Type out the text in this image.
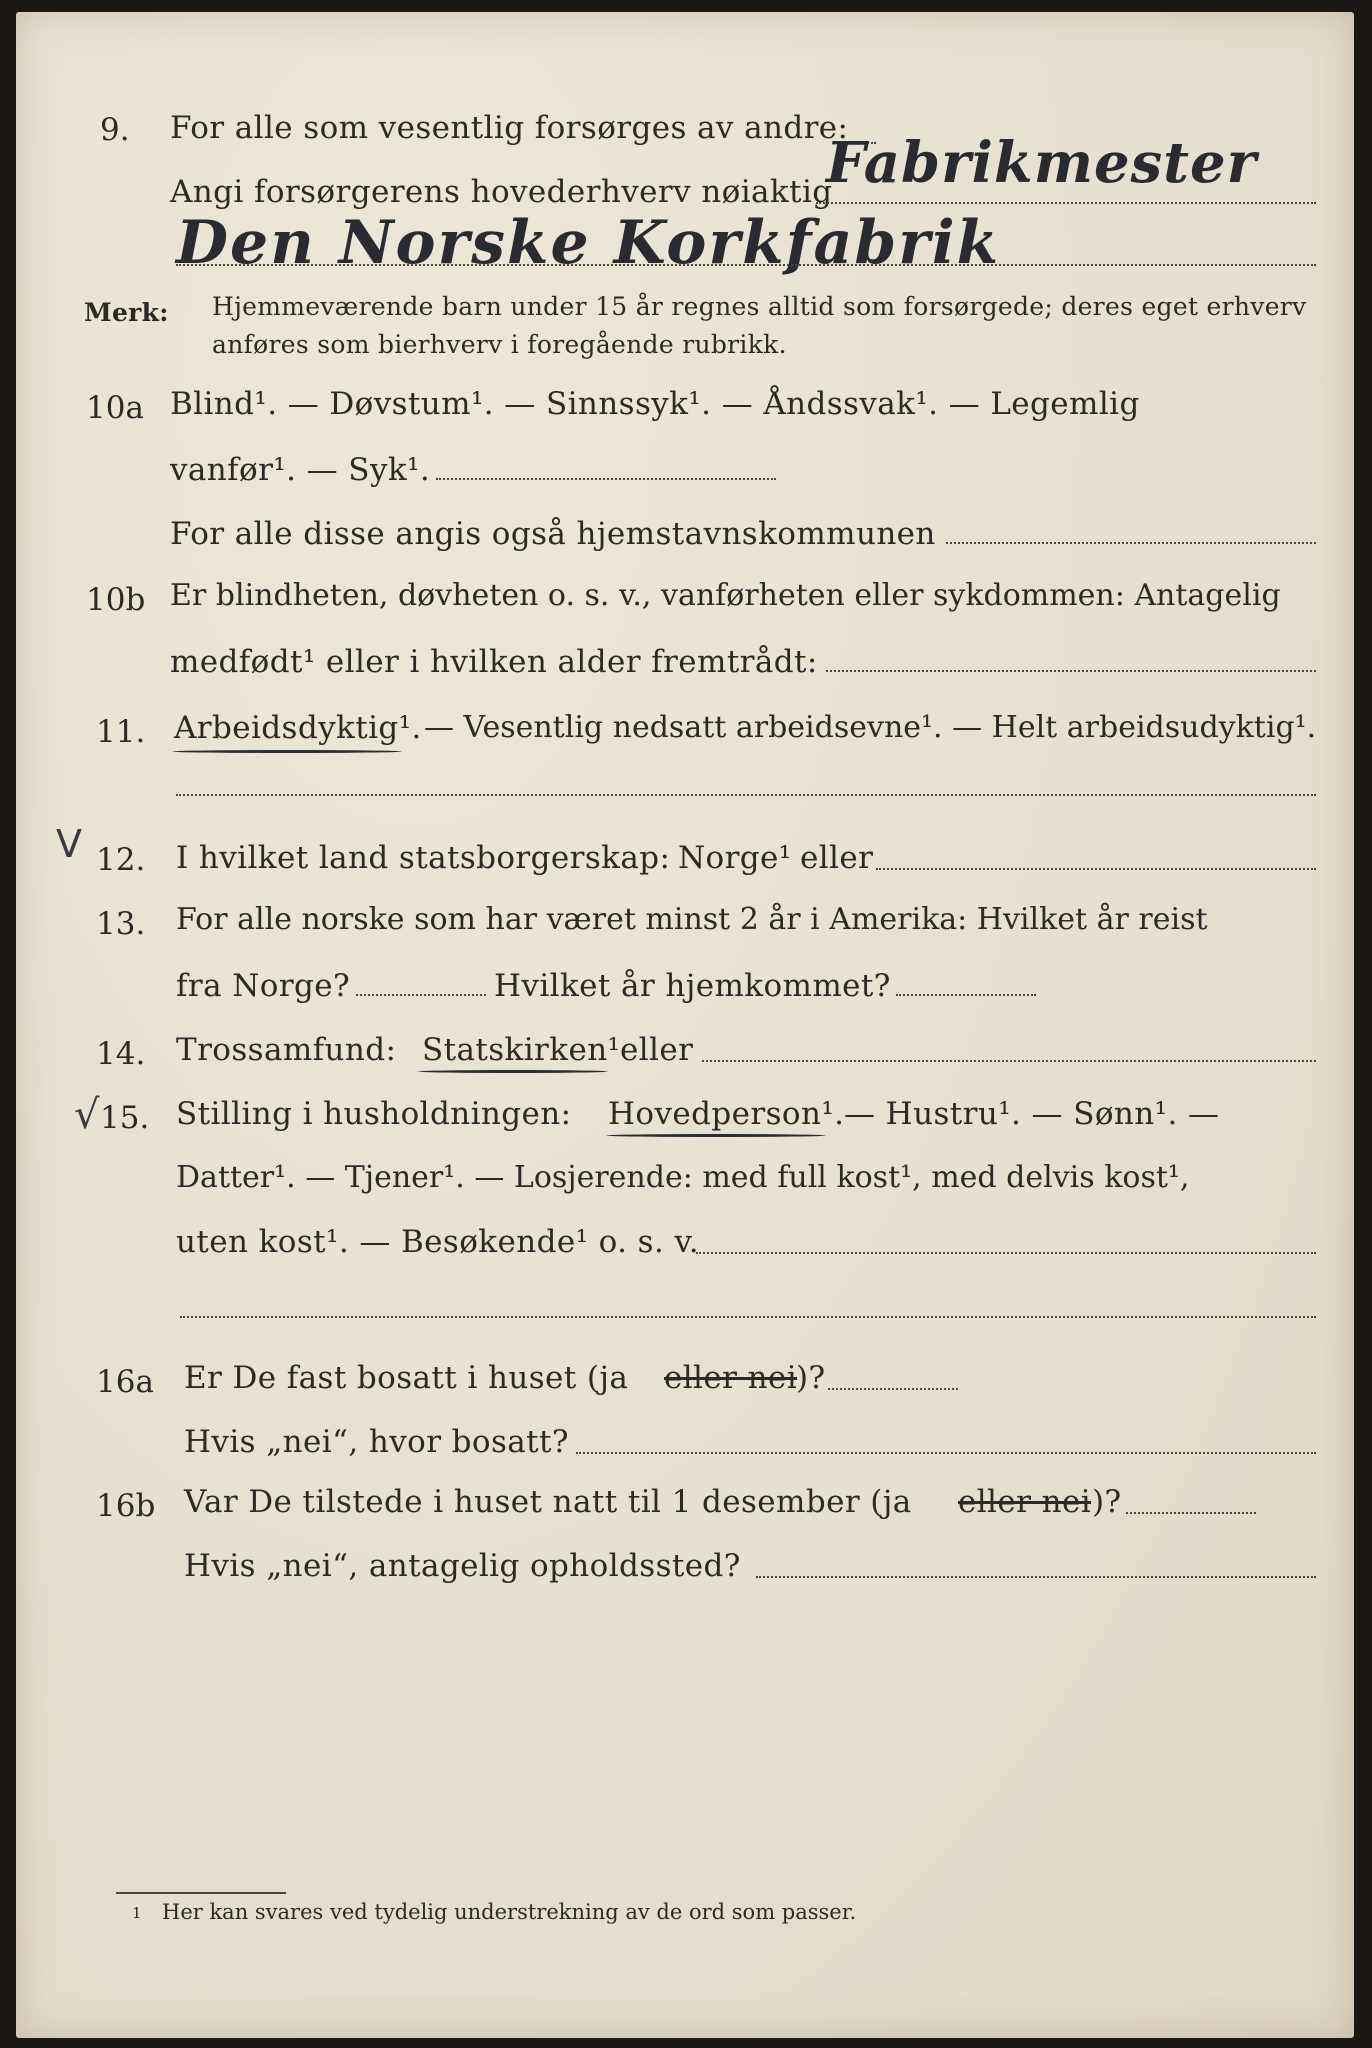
9. For alle som vesentlig forsørges av andre:
Angi forsørgerens hovederhverv nøiaktig
Fabrikmester
Den Norske Korkfabrik
Merk: Hjemmeværende barn under 15 år regnes alltid som forsørgede; deres eget erhverv
anføres som bierhverv i foregående rubrikk.
10a Blind¹. — Døvstum¹. — Sinnssyk¹. — Åndssvak¹. — Legemlig
vanfør¹. — Syk¹.
For alle disse angis også hjemstavnskommunen
10b Er blindheten, døvheten o. s. v., vanførheten eller sykdommen: Antagelig
medfødt¹ eller i hvilken alder fremtrådt:
11. Arbeidsdyktig¹. — Vesentlig nedsatt arbeidsevne¹. — Helt arbeidsudyktig¹.
V 12. I hvilket land statsborgerskap: Norge¹ eller
13. For alle norske som har været minst 2 år i Amerika: Hvilket år reist
fra Norge?	Hvilket år hjemkommet?
14. Trossamfund: Statskirken¹ eller
√ 15. Stilling i husholdningen: Hovedperson¹. — Hustru¹. — Sønn¹. —
Datter¹. — Tjener¹. — Losjerende: med full kost¹, med delvis kost¹,
uten kost¹. — Besøkende¹ o. s. v.
16a Er De fast bosatt i huset (ja eller nei
)?
Hvis „nei“, hvor bosatt?
16b Var De tilstede i huset natt til 1 desember (ja eller nei )?
Hvis „nei“, antagelig opholdssted?
1 Her kan svares ved tydelig understrekning av de ord som passer.
